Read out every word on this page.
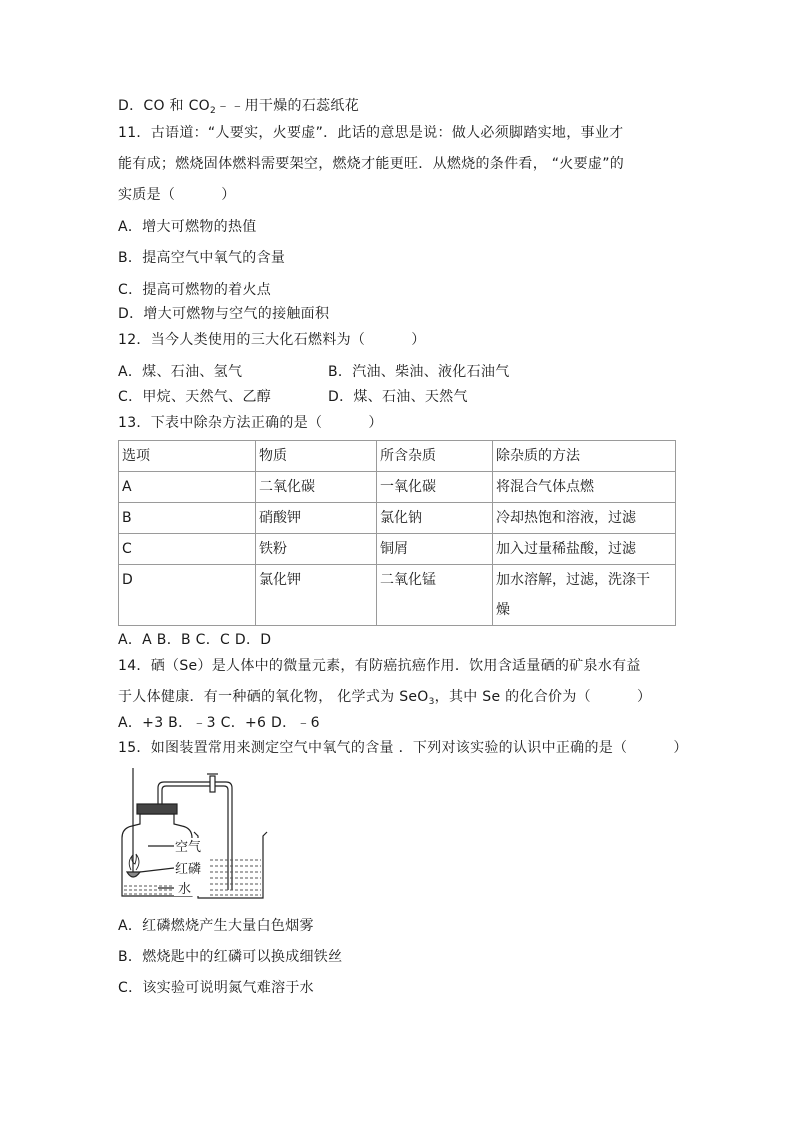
D．CO 和 $CO_2﹣﹣$用干燥的石蕊纸花
11．古语道：“人要实，火要虚”．此话的意思是说：做人必须脚踏实地，事业才
能有成；燃烧固体燃料需要架空，燃烧才能更旺．从燃烧的条件看， “火要虚”的
实质是（	）
A．增大可燃物的热值
B．提高空气中氧气的含量
C．提高可燃物的着火点
D．增大可燃物与空气的接触面积
12．当今人类使用的三大化石燃料为（	）
A．煤、石油、氢气	B．汽油、柴油、液化石油气
C．甲烷、天然气、乙醇	D．煤、石油、天然气
13．下表中除杂方法正确的是（	）
选项	物质	所含杂质	除杂质的方法
A	二氧化碳	一氧化碳	将混合气体点燃
B	硝酸钾	氯化钠	冷却热饱和溶液，过滤
C	铁粉	铜屑	加入过量稀盐酸，过滤
D	氯化钾	二氧化锰	加水溶解，过滤，洗涤干
燥
A．A B．B C．C D．D
14．硒（Se）是人体中的微量元素，有防癌抗癌作用．饮用含适量硒的矿泉水有益
于人体健康．有一种硒的氧化物， 化学式为 SeO$_3$，其中 Se 的化合价为（	）
A．+3 B．﹣3 C．+6 D．﹣6
15．如图装置常用来测定空气中氧气的含量 ．下列对该实验的认识中正确的是（	）
空气
红磷
水
A．红磷燃烧产生大量白色烟雾
B．燃烧匙中的红磷可以换成细铁丝
C．该实验可说明氮气难溶于水
